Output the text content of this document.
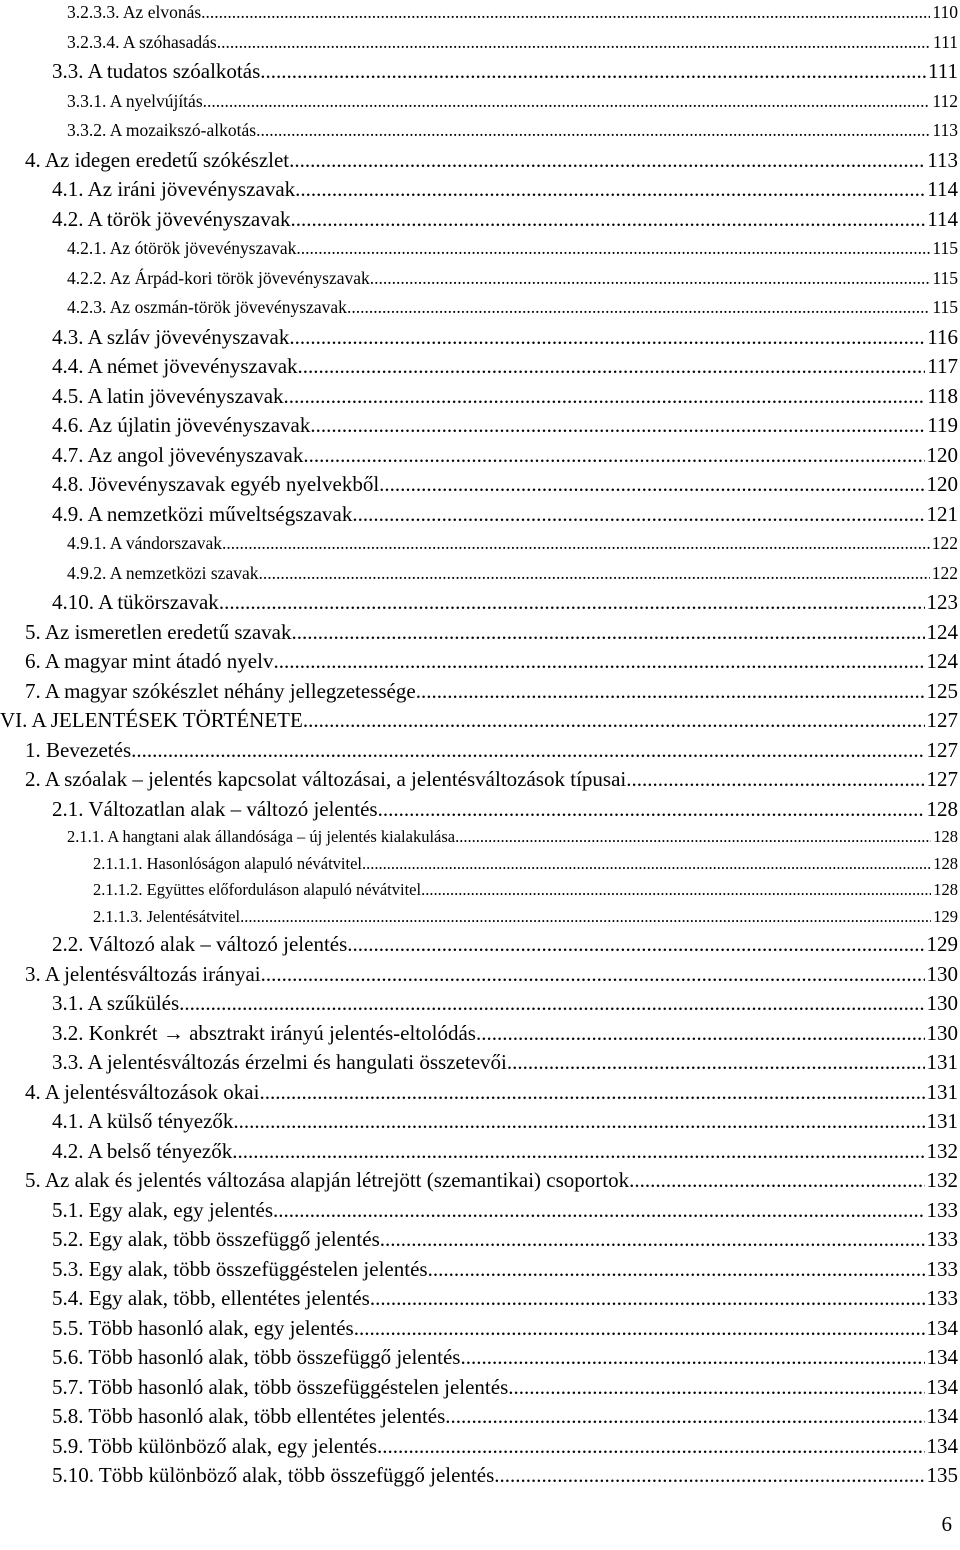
3.2.3.3. Az elvonás .....	110
3.2.3.4. A szóhasadás .....	111
3.3. A tudatos szóalkotás .....	111
3.3.1. A nyelvújítás .....	112
3.3.2. A mozaikszó-alkotás .....	113
4. Az idegen eredetű szókészlet .....	113
4.1. Az iráni jövevényszavak .....	114
4.2. A török jövevényszavak .....	114
4.2.1. Az ótörök jövevényszavak .....	115
4.2.2. Az Árpád-kori török jövevényszavak .....	115
4.2.3. Az oszmán-török jövevényszavak .....	115
4.3. A szláv jövevényszavak .....	116
4.4. A német jövevényszavak .....	117
4.5. A latin jövevényszavak .....	118
4.6. Az újlatin jövevényszavak .....	119
4.7. Az angol jövevényszavak .....	120
4.8. Jövevényszavak egyéb nyelvekből .....	120
4.9. A nemzetközi műveltségszavak .....	121
4.9.1. A vándorszavak .....	122
4.9.2. A nemzetközi szavak .....	122
4.10. A tükörszavak .....	123
5. Az ismeretlen eredetű szavak .....	124
6. A magyar mint átadó nyelv .....	124
7. A magyar szókészlet néhány jellegzetessége .....	125
VI. A JELENTÉSEK TÖRTÉNETE .....	127
1. Bevezetés .....	127
2. A szóalak – jelentés kapcsolat változásai, a jelentésváltozások típusai .....	127
2.1. Változatlan alak – változó jelentés .....	128
2.1.1. A hangtani alak állandósága – új jelentés kialakulása .....	128
2.1.1.1. Hasonlóságon alapuló névátvitel .....	128
2.1.1.2. Együttes előforduláson alapuló névátvitel .....	128
2.1.1.3. Jelentésátvitel .....	129
2.2. Változó alak – változó jelentés .....	129
3. A jelentésváltozás irányai .....	130
3.1. A szűkülés .....	130
3.2. Konkrét → absztrakt irányú jelentés-eltolódás .....	130
3.3. A jelentésváltozás érzelmi és hangulati összetevői .....	131
4. A jelentésváltozások okai .....	131
4.1. A külső tényezők .....	131
4.2. A belső tényezők .....	132
5. Az alak és jelentés változása alapján létrejött (szemantikai) csoportok .....	132
5.1. Egy alak, egy jelentés .....	133
5.2. Egy alak, több összefüggő jelentés .....	133
5.3. Egy alak, több összefüggéstelen jelentés .....	133
5.4. Egy alak, több, ellentétes jelentés .....	133
5.5. Több hasonló alak, egy jelentés .....	134
5.6. Több hasonló alak, több összefüggő jelentés .....	134
5.7. Több hasonló alak, több összefüggéstelen jelentés .....	134
5.8. Több hasonló alak, több ellentétes jelentés .....	134
5.9. Több különböző alak, egy jelentés .....	134
5.10. Több különböző alak, több összefüggő jelentés .....	135
6
